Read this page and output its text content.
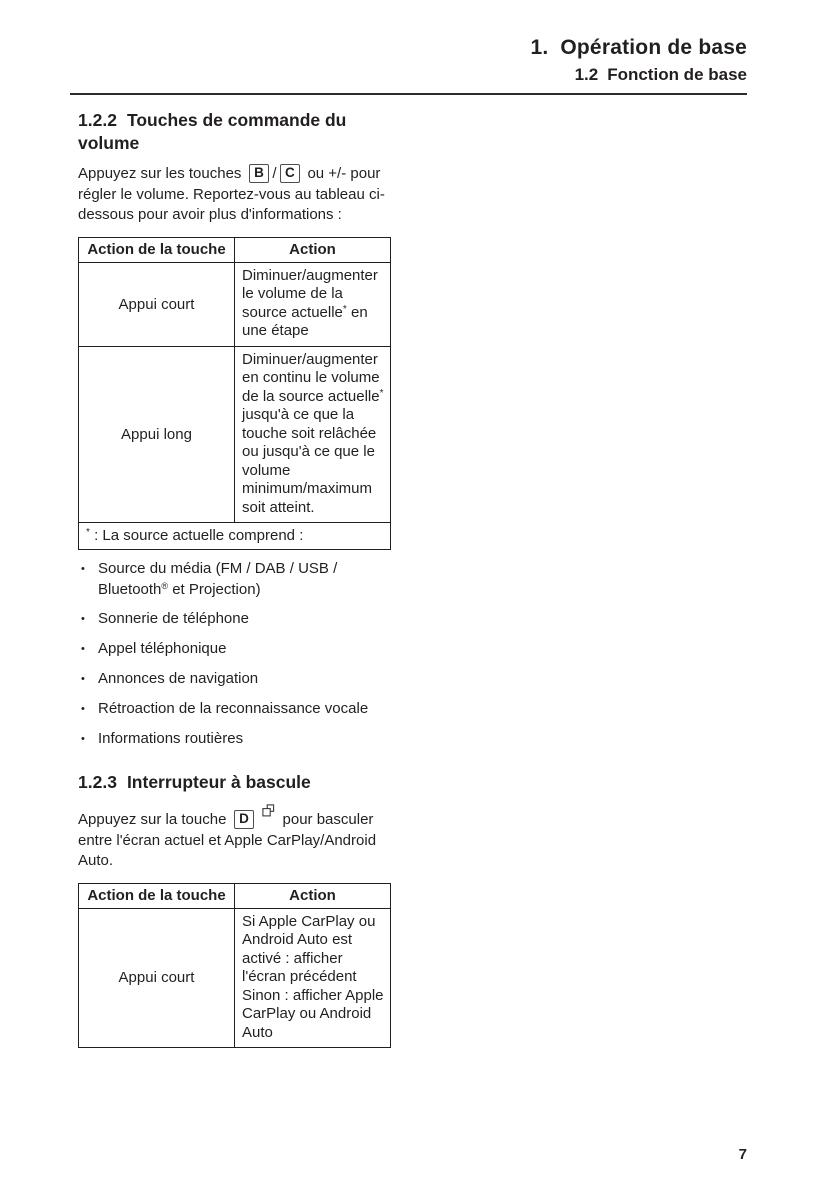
1. Opération de base
1.2 Fonction de base
1.2.2 Touches de commande du volume

Appuyez sur les touches B / C ou +/- pour régler le volume. Reportez-vous au tableau ci-dessous pour avoir plus d'informations :

Action de la touche	Action
Appui court	Diminuer/augmenter le volume de la source actuelle* en une étape
Appui long	Diminuer/augmenter en continu le volume de la source actuelle* jusqu'à ce que la touche soit relâchée ou jusqu'à ce que le volume minimum/maximum soit atteint.
* : La source actuelle comprend :	
• Source du média (FM / DAB / USB / Bluetooth® et Projection)
• Sonnerie de téléphone
• Appel téléphonique
• Annonces de navigation
• Rétroaction de la reconnaissance vocale
• Informations routières
1.2.3 Interrupteur à bascule

Appuyez sur la touche D pour basculer entre l'écran actuel et Apple CarPlay/Android Auto.

Action de la touche	Action
Appui court	Si Apple CarPlay ou Android Auto est activé : afficher l'écran précédent
Sinon : afficher Apple CarPlay ou Android Auto
7
